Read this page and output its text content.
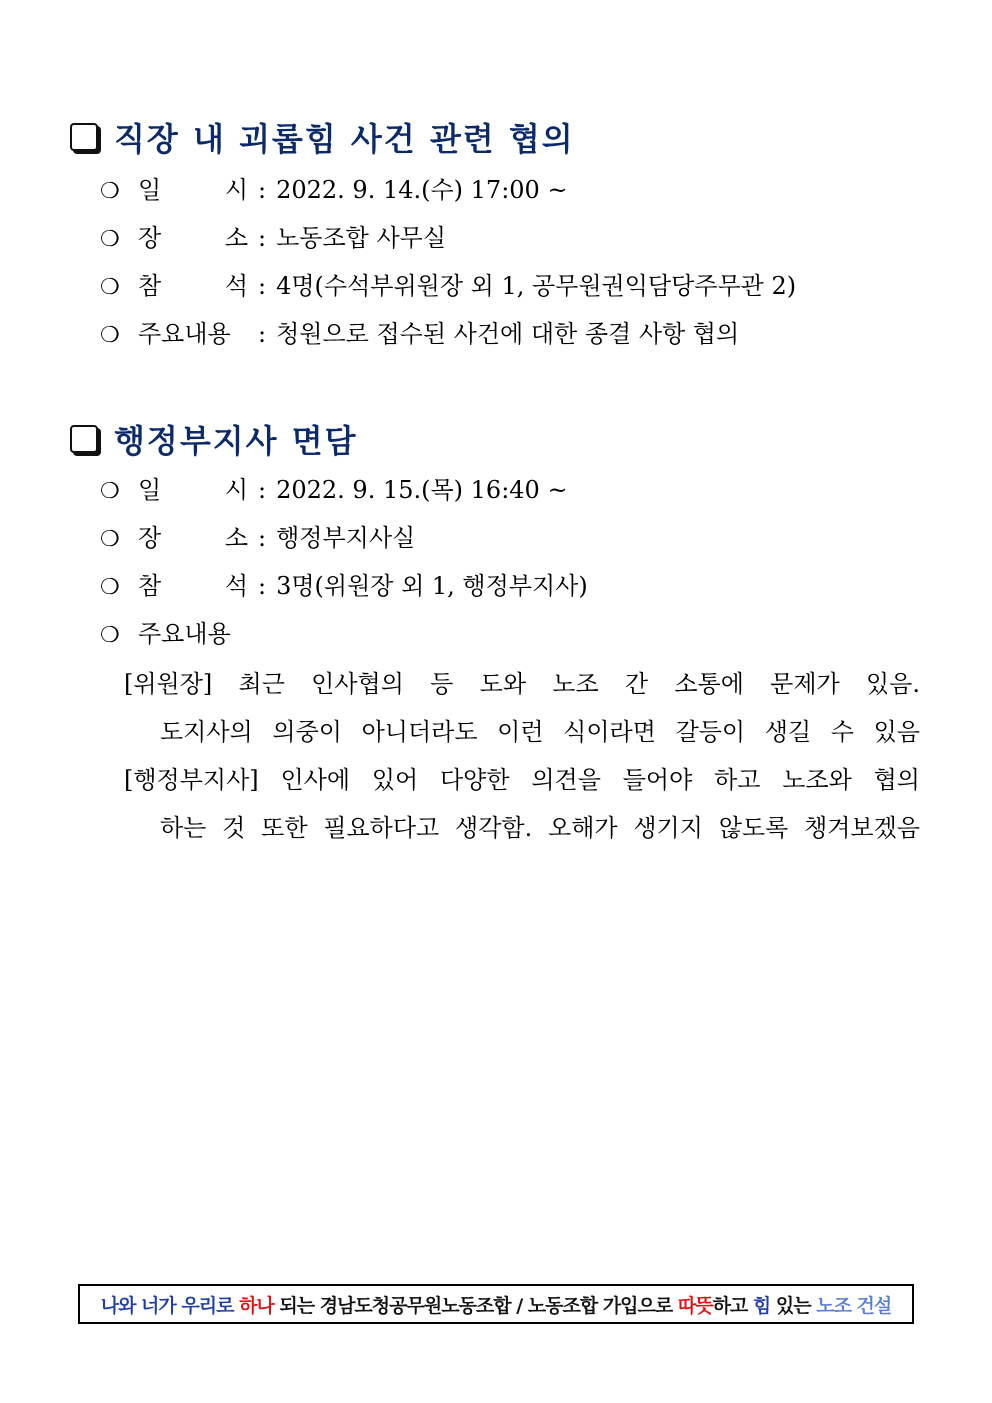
직장 내 괴롭힘 사건 관련 협의
❍ 일	시 : 2022. 9. 14.(수) 17:00 ~
❍ 장	소 : 노동조합 사무실
❍ 참	석 : 4명(수석부위원장 외 1, 공무원권익담당주무관 2)
❍ 주요내용	: 청원으로 접수된 사건에 대한 종결 사항 협의
행정부지사 면담
❍ 일	시 : 2022. 9. 15.(목) 16:40 ~
❍ 장	소 : 행정부지사실
❍ 참	석 : 3명(위원장 외 1, 행정부지사)
❍ 주요내용
[위원장] 최근 인사협의 등 도와 노조 간 소통에 문제가 있음.
도지사의 의중이 아니더라도 이런 식이라면 갈등이 생길 수 있음
[행정부지사] 인사에 있어 다양한 의견을 들어야 하고 노조와 협의
하는 것 또한 필요하다고 생각함. 오해가 생기지 않도록 챙겨보겠음
나와 너가 우리로 하나 되는 경남도청공무원노동조합 / 노동조합 가입으로 따뜻 하고 힘 있는 노조 건설
